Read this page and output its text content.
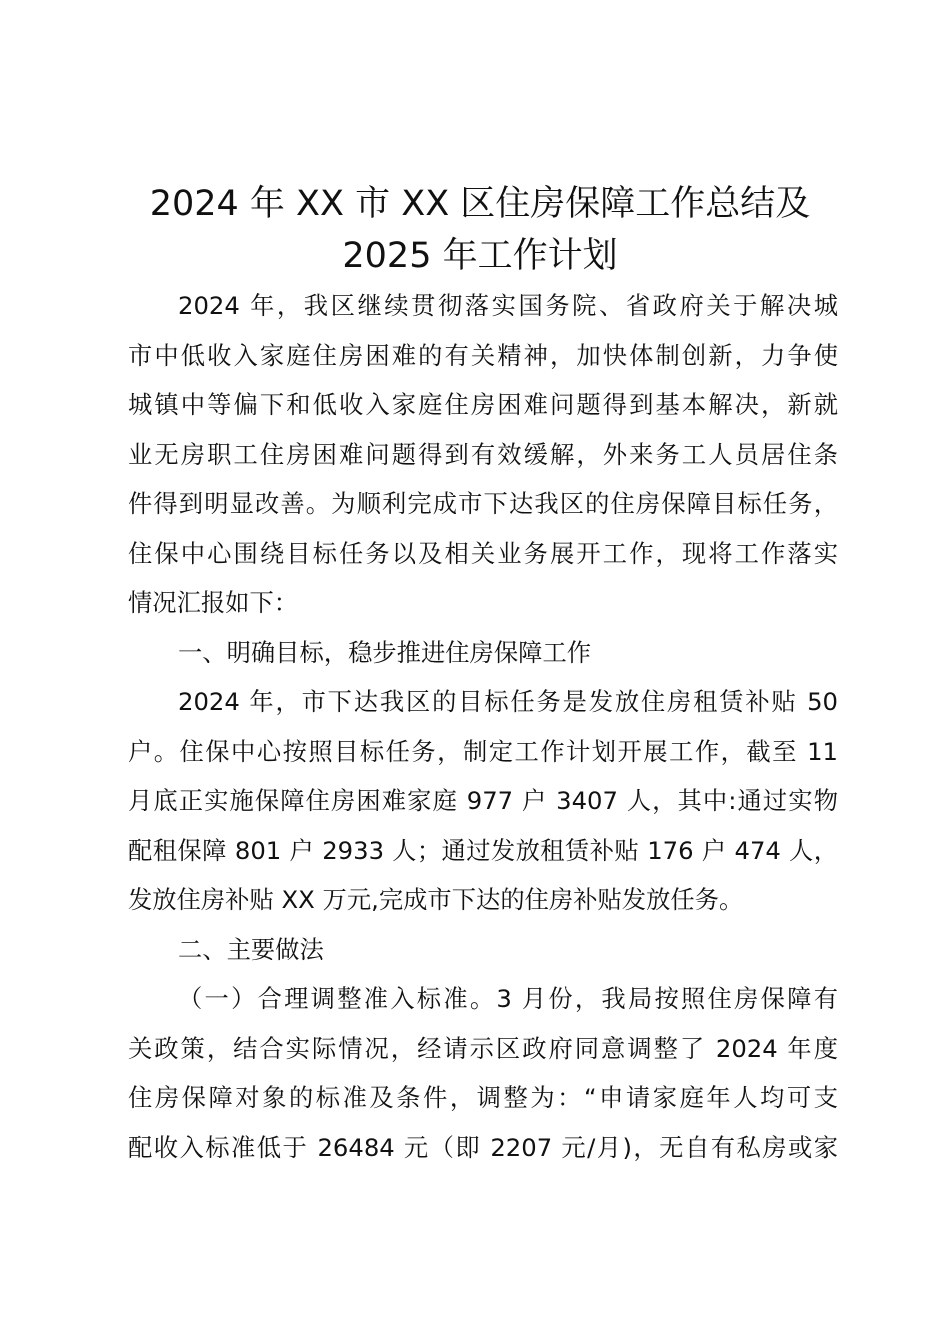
2024 年 XX 市 XX 区住房保障工作总结及
2025 年工作计划
2024 年，我区继续贯彻落实国务院、省政府关于解决城
市中低收入家庭住房困难的有关精神，加快体制创新，力争使
城镇中等偏下和低收入家庭住房困难问题得到基本解决，新就
业无房职工住房困难问题得到有效缓解，外来务工人员居住条
件得到明显改善。为顺利完成市下达我区的住房保障目标任务，
住保中心围绕目标任务以及相关业务展开工作，现将工作落实
情况汇报如下：
一、明确目标，稳步推进住房保障工作
2024 年，市下达我区的目标任务是发放住房租赁补贴 50
户。住保中心按照目标任务，制定工作计划开展工作，截至 11
月底正实施保障住房困难家庭 977 户 3407 人，其中:通过实物
配租保障 801 户 2933 人；通过发放租赁补贴 176 户 474 人，
发放住房补贴 XX 万元,完成市下达的住房补贴发放任务。
二、主要做法
（一）合理调整准入标准。3 月份，我局按照住房保障有
关政策，结合实际情况，经请示区政府同意调整了 2024 年度
住房保障对象的标准及条件，调整为：“申请家庭年人均可支
配收入标准低于 26484 元（即 2207 元/月)，无自有私房或家
